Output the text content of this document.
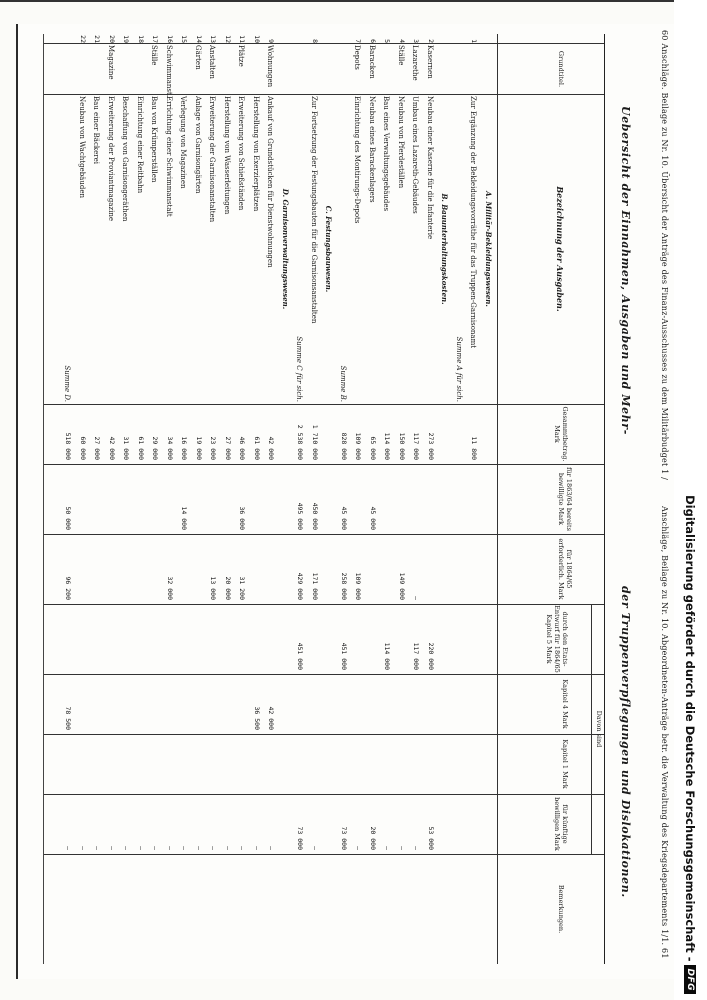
60 Anschläge. Beilage zu Nr. 10. Übersicht der Anträge des Finanz-Ausschusses zu dem Militärbudget 1 /
Anschläge, Beilage zu Nr. 10. Abgeordneten-Anträge betr. die Verwaltung des Kriegsdepartements 1/1. 61
Uebersicht der Einnahmen, Ausgaben und Mehr-
der Truppenverpflegungen und Dislokationen.
Grundtitel.
Bezeichnung der Ausgaben.
Gesammtbetrag. Mark
für 1863/64 bereits bewilligte Mark
für 1864/65 erforderlich. Mark
Davon sind
durch den Etats-Entwurf für 1864/65 Kapitel 5 Mark
Kapitel 4 Mark
Kapitel 1 Mark
für künftige bewilligen Mark
Bemerkungen.
A. Militär-Bekleidungswesen.
1
Zur Ergänzung der Bekleidungsvorräthe für das Truppen-Garnisonamt
11 800
Summe A für sich.
B. Bauunterhaltungskosten.
2
Kasernen
Neubau einer Kaserne für die Infanterie
273 000
220 000
53 000
3
Lazarethe
Umbau eines Lazareth-Gebäudes
117 000
—
117 000
—
4
Ställe
Neubau von Pferdeställen
150 000
149 000
—
5
Bau eines Verwaltungsgebäudes
114 000
114 000
—
6
Baracken
Neubau eines Barackenlagers
65 000
45 000
20 000
7
Depots
Einrichtung des Montirungs-Depots
109 000
109 000
—
Summe B.
828 000
45 000
258 000
451 000
73 000
C. Festungsbauwesen.
8
Zur Fortsetzung der Festungsbauten für die Garnisonsanstalten
1 710 000
450 000
171 000
—
Summe C für sich.
2 538 000
495 000
429 000
451 000
73 000
D. Garnisonverwaltungswesen.
9
Wohnungen
Ankauf von Grundstücken für Dienstwohnungen
42 000
42 000
—
10
Herstellung von Exerzierplätzen
61 000
36 500
—
11
Plätze
Erweiterung von Schießständen
46 000
36 000
31 200
—
12
Herstellung von Wasserleitungen
27 000
20 000
—
13
Anstalten
Erweiterung der Garnisonanstalten
23 000
13 000
—
14
Gärten
Anlage von Garnisongärten
19 000
—
15
Verlegung von Magazinen
16 000
14 000
—
16
Schwimmanst.
Errichtung einer Schwimmanstalt
34 000
32 000
—
17
Ställe
Bau von Krümperställen
29 000
—
18
Einrichtung einer Reitbahn
61 000
—
19
Beschaffung von Garnisongeräthen
31 000
—
20
Magazine
Erweiterung der Proviantmagazine
42 000
—
21
Bau einer Bäckerei
27 000
—
22
Neubau von Wachtgebäuden
60 000
—
Summe D.
518 000
50 000
96 200
78 500
—	Digitalisierung gefördert durch die Deutsche Forschungsgemeinschaft -
DFG
